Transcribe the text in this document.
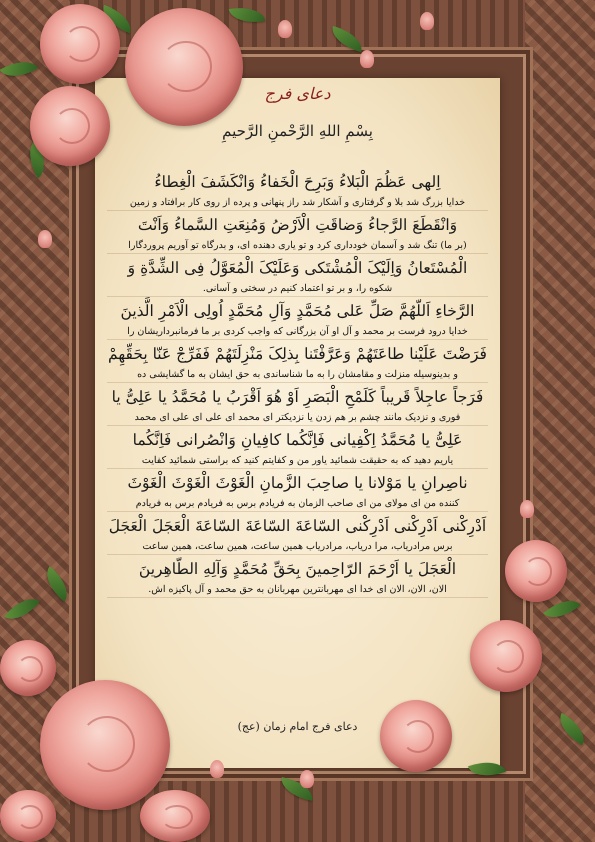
دعای فرج
بِسْمِ اللهِ الرَّحْمنِ الرَّحیمِ
اِلهی عَظُمَ الْبَلاءُ وَبَرِحَ الْخَفاءُ وَانْکَشَفَ الْغِطاءُ
خدایا بزرگ شد بلا و گرفتاری و آشکار شد راز پنهانی و پرده از روی کار برافتاد و زمین
وَانْقَطَعَ الرَّجاءُ وَضاقَتِ الْاَرْضُ وَمُنِعَتِ السَّماءُ وَاَنْتَ
(بر ما) تنگ شد و آسمان خودداری کرد و تو یاری دهنده ای، و بدرگاه تو آوریم پروردگارا
الْمُسْتَعانُ وَاِلَیْکَ الْمُشْتَکی وَعَلَیْکَ الْمُعَوَّلُ فِی الشِّدَّةِ وَ
شکوه را، و بر تو اعتماد کنیم در سختی و آسانی.
الرَّخاءِ اَللّهُمَّ صَلِّ عَلی مُحَمَّدٍ وَآلِ مُحَمَّدٍ اُولِی الْاَمْرِ الَّذینَ
خدایا درود فرست بر محمد و آل او آن بزرگانی که واجب کردی بر ما فرمانبرداریشان را
فَرَضْتَ عَلَیْنا طاعَتَهُمْ وَعَرَّفْتَنا بِذلِکَ مَنْزِلَتَهُمْ فَفَرِّجْ عَنّا بِحَقِّهِمْ
و بدینوسیله منزلت و مقامشان را به ما شناساندی به حق ایشان به ما گشایشی ده
فَرَجاً عاجِلاً قَریباً کَلَمْحِ الْبَصَرِ اَوْ هُوَ اَقْرَبُ یا مُحَمَّدُ یا عَلِیُّ یا
فوری و نزدیک مانند چشم بر هم زدن یا نزدیکتر ای محمد ای علی ای علی ای محمد
عَلِیُّ یا مُحَمَّدُ اِکْفِیانی فَاِنَّکُما کافِیانِ وَانْصُرانی فَاِنَّکُما
یاریم دهید که به حقیقت شمائید یاور من و کفایتم کنید که براستی شمائید کفایت
ناصِرانِ یا مَوْلانا یا صاحِبَ الزَّمانِ الْغَوْثَ الْغَوْثَ الْغَوْثَ
کننده من ای مولای من ای صاحب الزمان به فریادم برس به فریادم برس به فریادم
اَدْرِکْنی اَدْرِکْنی اَدْرِکْنی السّاعَةَ السّاعَةَ السّاعَةَ الْعَجَلَ الْعَجَلَ
برس مرادریاب، مرا دریاب، مرادریاب همین ساعت، همین ساعت، همین ساعت
الْعَجَلَ یا اَرْحَمَ الرّاحِمینَ بِحَقِّ مُحَمَّدٍ وَآلِهِ الطّاهِرینَ
الان، الان، الان ای خدا ای مهربانترین مهربانان به حق محمد و آل پاکیزه اش.
دعای فرج امام زمان (عج)
